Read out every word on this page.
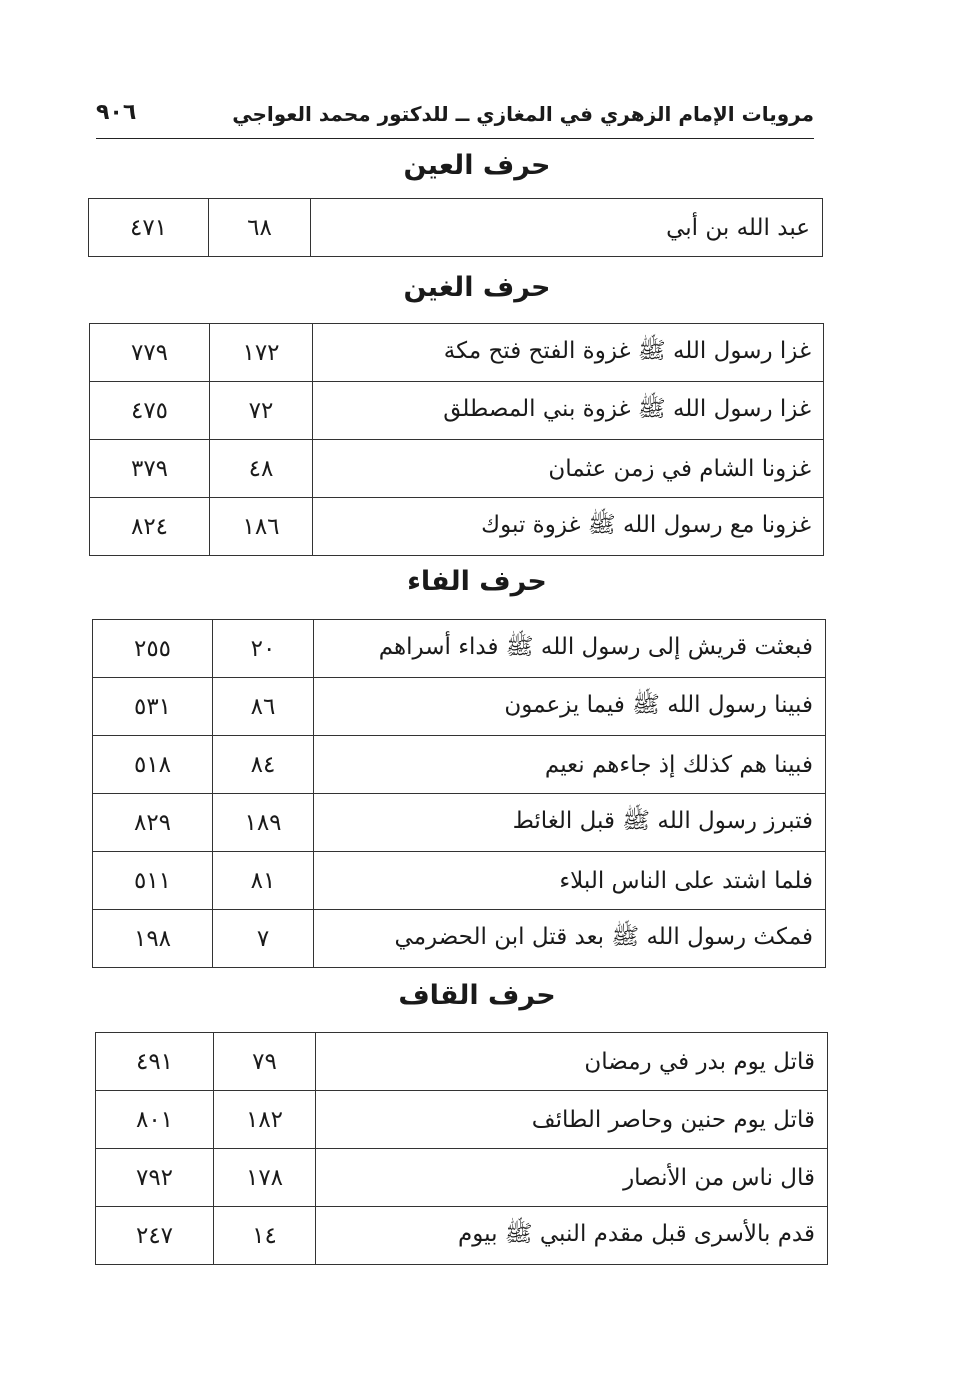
مرويات الإمام الزهري في المغازي ــ للدكتور محمد العواجي
٩٠٦
حرف العين
عبد الله بن أبي	٦٨	٤٧١
حرف الغين
غزا رسول الله ﷺ غزوة الفتح فتح مكة	١٧٢	٧٧٩
غزا رسول الله ﷺ غزوة بني المصطلق	٧٢	٤٧٥
غزونا الشام في زمن عثمان	٤٨	٣٧٩
غزونا مع رسول الله ﷺ غزوة تبوك	١٨٦	٨٢٤
حرف الفاء
فبعثت قريش إلى رسول الله ﷺ فداء أسراهم	٢٠	٢٥٥
فبينا رسول الله ﷺ فيما يزعمون	٨٦	٥٣١
فبينا هم كذلك إذ جاءهم نعيم	٨٤	٥١٨
فتبرز رسول الله ﷺ قبل الغائط	١٨٩	٨٢٩
فلما اشتد على الناس البلاء	٨١	٥١١
فمكث رسول الله ﷺ بعد قتل ابن الحضرمي	٧	١٩٨
حرف القاف
قاتل يوم بدر في رمضان	٧٩	٤٩١
قاتل يوم حنين وحاصر الطائف	١٨٢	٨٠١
قال ناس من الأنصار	١٧٨	٧٩٢
قدم بالأسرى قبل مقدم النبي ﷺ بيوم	١٤	٢٤٧
